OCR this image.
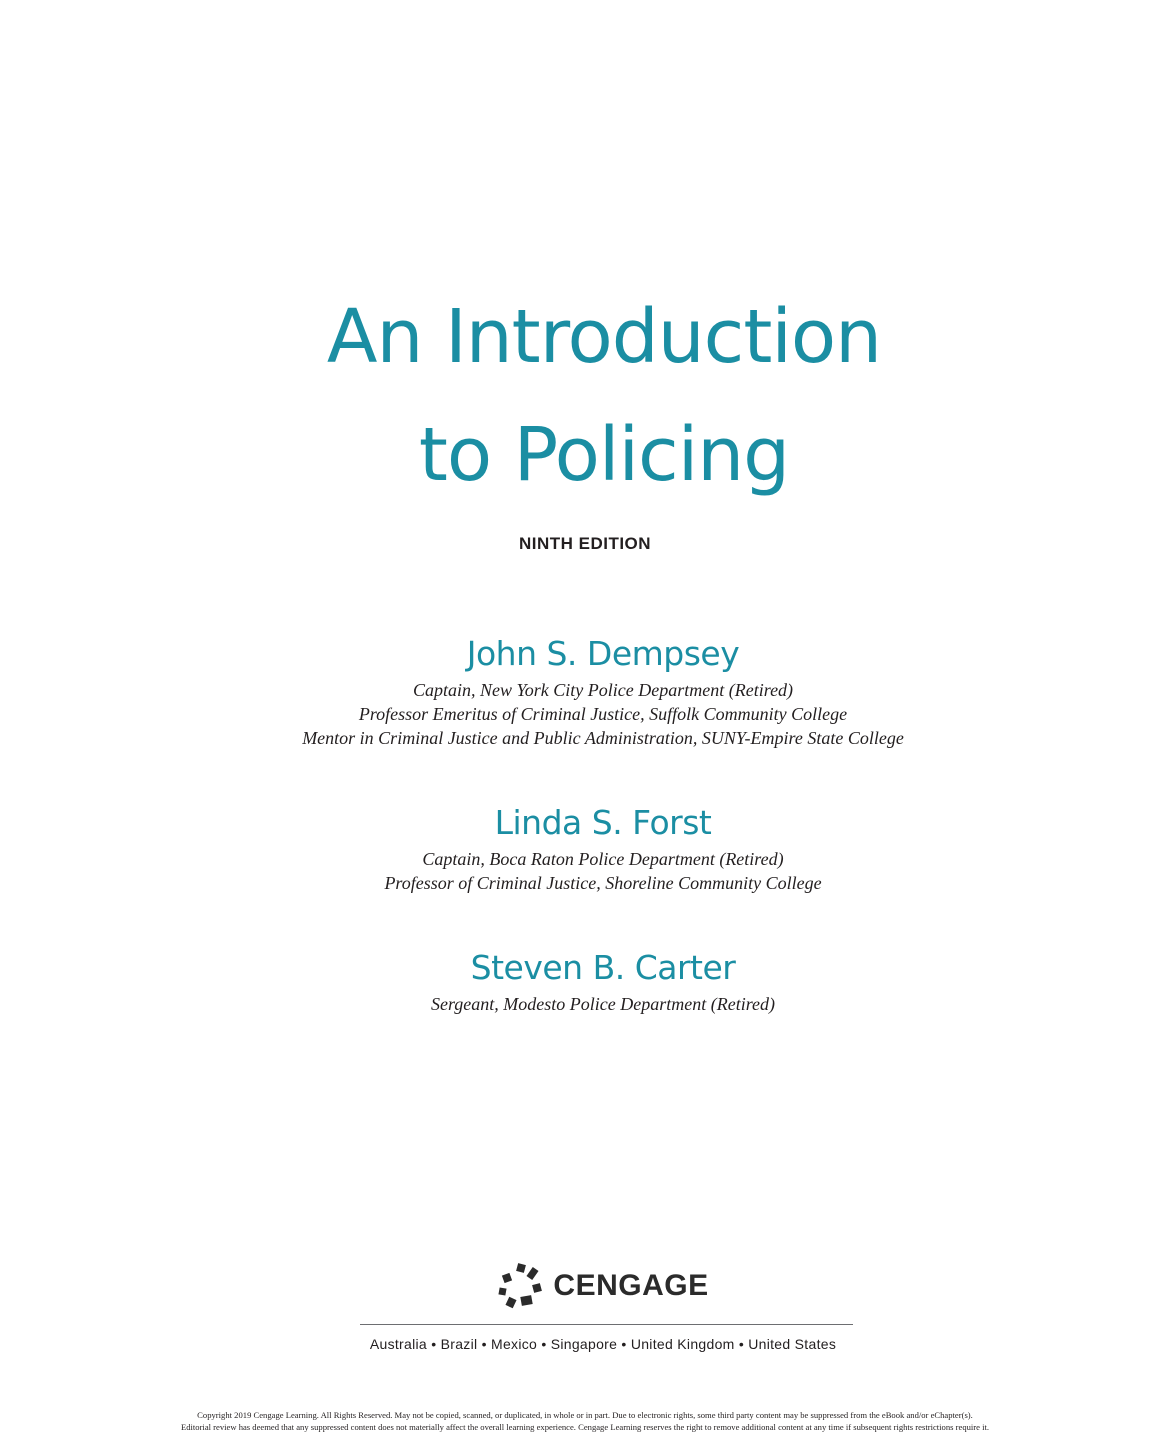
An Introduction
to Policing
NINTH EDITION
John S. Dempsey
Captain, New York City Police Department (Retired)
Professor Emeritus of Criminal Justice, Suffolk Community College
Mentor in Criminal Justice and Public Administration, SUNY-Empire State College
Linda S. Forst
Captain, Boca Raton Police Department (Retired)
Professor of Criminal Justice, Shoreline Community College
Steven B. Carter
Sergeant, Modesto Police Department (Retired)
CENGAGE
Australia • Brazil • Mexico • Singapore • United Kingdom • United States
Copyright 2019 Cengage Learning. All Rights Reserved. May not be copied, scanned, or duplicated, in whole or in part. Due to electronic rights, some third party content may be suppressed from the eBook and/or eChapter(s).
Editorial review has deemed that any suppressed content does not materially affect the overall learning experience. Cengage Learning reserves the right to remove additional content at any time if subsequent rights restrictions require it.
